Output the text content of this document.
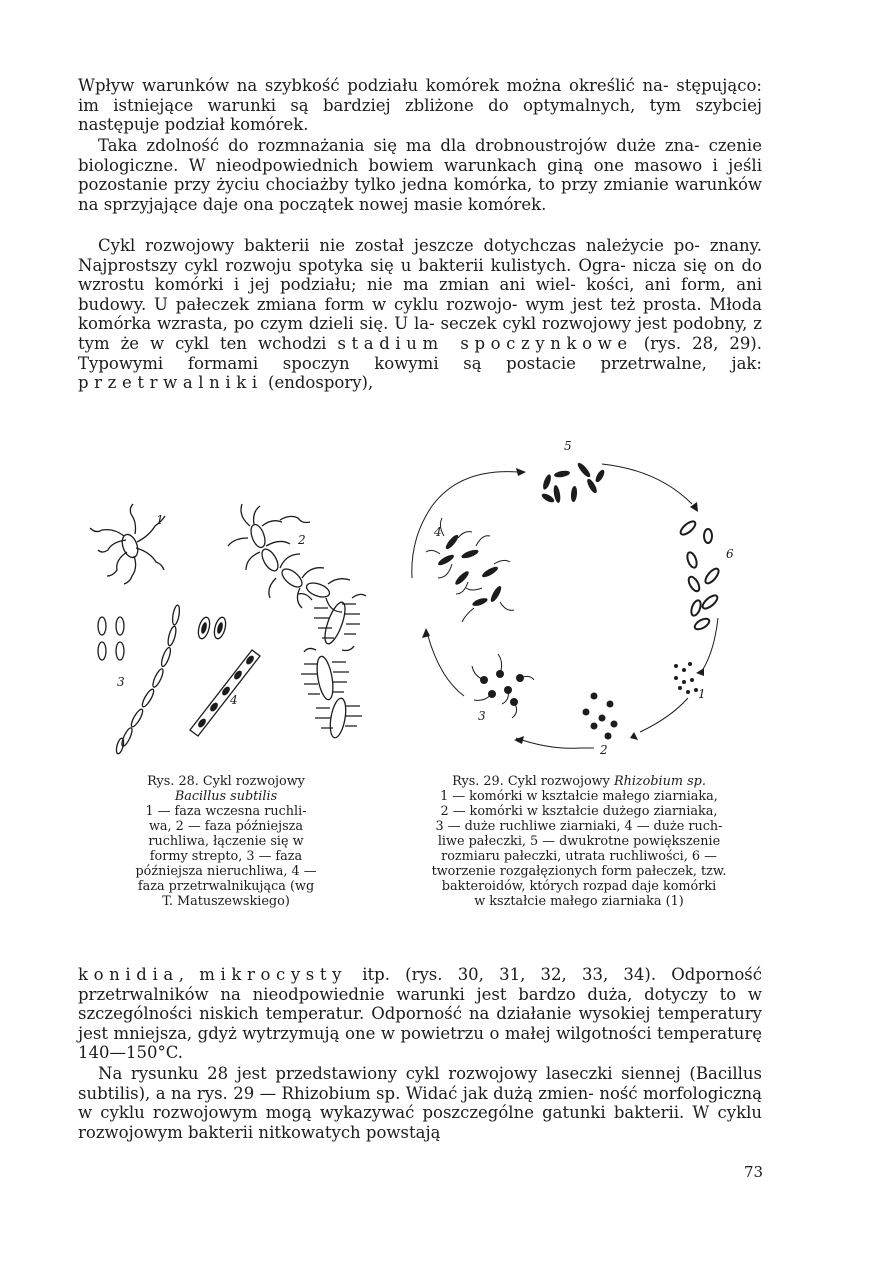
Wpływ warunków na szybkość podziału komórek można określić na- stępująco: im istniejące warunki są bardziej zbliżone do optymalnych, tym szybciej następuje podział komórek.

Taka zdolność do rozmnażania się ma dla drobnoustrojów duże zna- czenie biologiczne. W nieodpowiednich bowiem warunkach giną one masowo i jeśli pozostanie przy życiu chociażby tylko jedna komórka, to przy zmianie warunków na sprzyjające daje ona początek nowej masie komórek.

Cykl rozwojowy bakterii nie został jeszcze dotychczas należycie po- znany. Najprostszy cykl rozwoju spotyka się u bakterii kulistych. Ogra- nicza się on do wzrostu komórki i jej podziału; nie ma zmian ani wiel- kości, ani form, ani budowy. U pałeczek zmiana form w cyklu rozwojo- wym jest też prosta. Młoda komórka wzrasta, po czym dzieli się. U la- seczek cykl rozwojowy jest podobny, z tym że w cykl ten wchodzi stadium spoczynkowe (rys. 28, 29). Typowymi formami spoczyn kowymi są postacie przetrwalne, jak: przetrwalniki (endospory),

1
2
3
4
5
6
4
3
2
1
Rys. 28. Cykl rozwojowy
Bacillus subtilis
1 — faza wczesna ruchli-
wa, 2 — faza późniejsza
ruchliwa, łączenie się w
formy strepto, 3 — faza
późniejsza nieruchliwa, 4 —
faza przetrwalnikująca (wg
T. Matuszewskiego)
Rys. 29. Cykl rozwojowy Rhizobium sp.
1 — komórki w kształcie małego ziarniaka,
2 — komórki w kształcie dużego ziarniaka,
3 — duże ruchliwe ziarniaki, 4 — duże ruch-
liwe pałeczki, 5 — dwukrotne powiększenie
rozmiaru pałeczki, utrata ruchliwości, 6 —
tworzenie rozgałęzionych form pałeczek, tzw.
bakteroidów, których rozpad daje komórki
w kształcie małego ziarniaka (1)

konidia, mikrocysty itp. (rys. 30, 31, 32, 33, 34). Odporność przetrwalników na nieodpowiednie warunki jest bardzo duża, dotyczy to w szczególności niskich temperatur. Odporność na działanie wysokiej temperatury jest mniejsza, gdyż wytrzymują one w powietrzu o małej wilgotności temperaturę 140—150°C.

Na rysunku 28 jest przedstawiony cykl rozwojowy laseczki siennej (Bacillus subtilis), a na rys. 29 — Rhizobium sp. Widać jak dużą zmien- ność morfologiczną w cyklu rozwojowym mogą wykazywać poszczególne gatunki bakterii. W cyklu rozwojowym bakterii nitkowatych powstają

73
